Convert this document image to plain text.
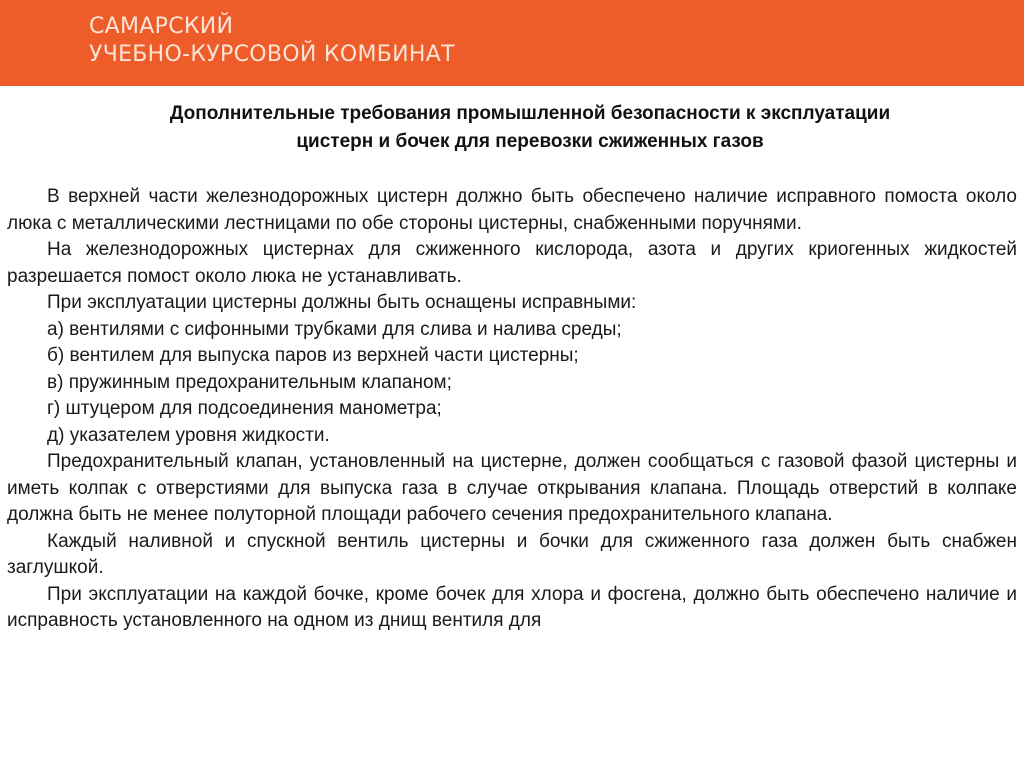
САМАРСКИЙ
УЧЕБНО-КУРСОВОЙ КОМБИНАТ
Дополнительные требования промышленной безопасности к эксплуатации
цистерн и бочек для перевозки сжиженных газов

В верхней части железнодорожных цистерн должно быть обеспечено наличие исправного помоста около люка с металлическими лестницами по обе стороны цистерны, снабженными поручнями.

На железнодорожных цистернах для сжиженного кислорода, азота и других криогенных жидкостей разрешается помост около люка не устанавливать.

При эксплуатации цистерны должны быть оснащены исправными:

а) вентилями с сифонными трубками для слива и налива среды;

б) вентилем для выпуска паров из верхней части цистерны;

в) пружинным предохранительным клапаном;

г) штуцером для подсоединения манометра;

д) указателем уровня жидкости.

Предохранительный клапан, установленный на цистерне, должен сообщаться с газовой фазой цистерны и иметь колпак с отверстиями для выпуска газа в случае открывания клапана. Площадь отверстий в колпаке должна быть не менее полуторной площади рабочего сечения предохранительного клапана.

Каждый наливной и спускной вентиль цистерны и бочки для сжиженного газа должен быть снабжен заглушкой.

При эксплуатации на каждой бочке, кроме бочек для хлора и фосгена, должно быть обеспечено наличие и исправность установленного на одном из днищ вентиля для
